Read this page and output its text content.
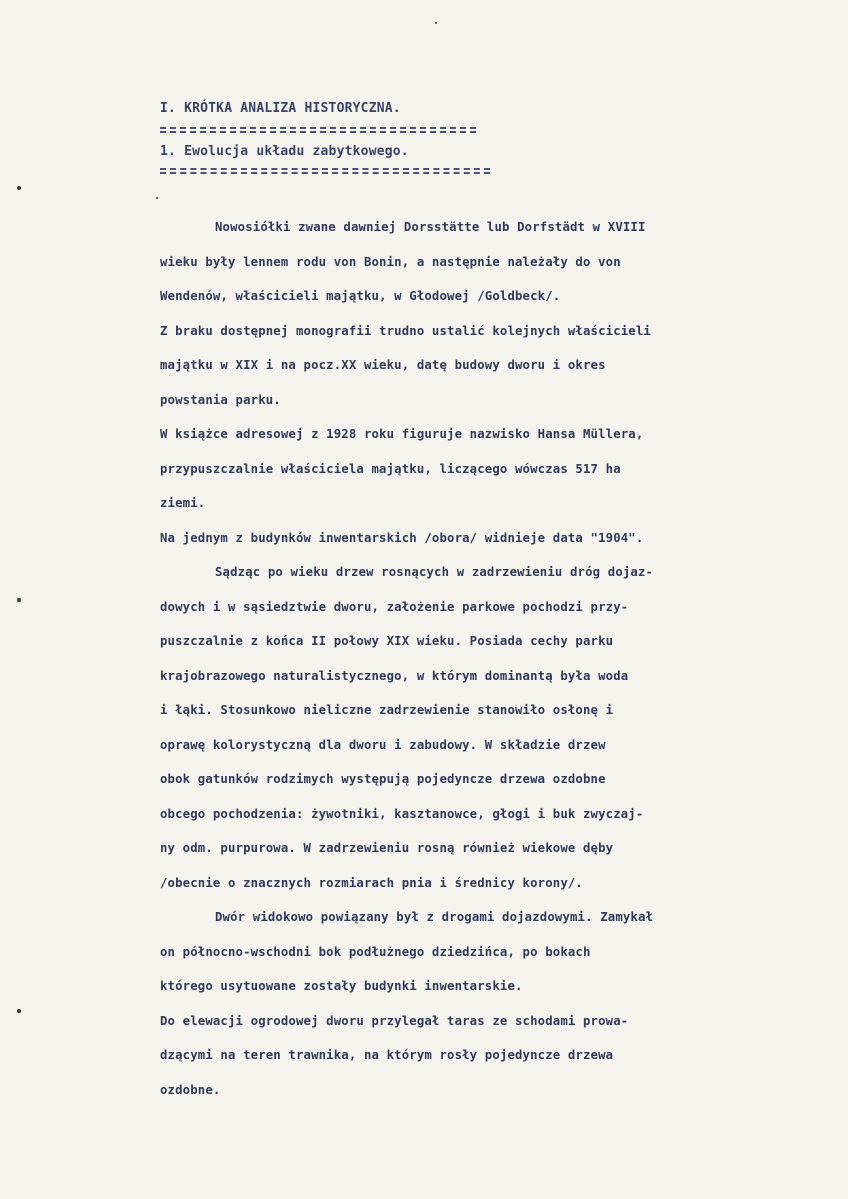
I. KRÓTKA ANALIZA HISTORYCZNA.
1. Ewolucja układu zabytkowego.
Nowosiółki zwane dawniej Dorsstätte lub Dorfstädt w XVIII
wieku były lennem rodu von Bonin, a następnie należały do von
Wendenów, właścicieli majątku, w Głodowej /Goldbeck/.
Z braku dostępnej monografii trudno ustalić kolejnych właścicieli
majątku w XIX i na pocz.XX wieku, datę budowy dworu i okres
powstania parku.
W książce adresowej z 1928 roku figuruje nazwisko Hansa Müllera,
przypuszczalnie właściciela majątku, liczącego wówczas 517 ha
ziemi.
Na jednym z budynków inwentarskich /obora/ widnieje data "1904".
Sądząc po wieku drzew rosnących w zadrzewieniu dróg dojaz-
dowych i w sąsiedztwie dworu, założenie parkowe pochodzi przy-
puszczalnie z końca II połowy XIX wieku. Posiada cechy parku
krajobrazowego naturalistycznego, w którym dominantą była woda
i łąki. Stosunkowo nieliczne zadrzewienie stanowiło osłonę i
oprawę kolorystyczną dla dworu i zabudowy. W składzie drzew
obok gatunków rodzimych występują pojedyncze drzewa ozdobne
obcego pochodzenia: żywotniki, kasztanowce, głogi i buk zwyczaj-
ny odm. purpurowa. W zadrzewieniu rosną również wiekowe dęby
/obecnie o znacznych rozmiarach pnia i średnicy korony/.
Dwór widokowo powiązany był z drogami dojazdowymi. Zamykał
on północno-wschodni bok podłużnego dziedzińca, po bokach
którego usytuowane zostały budynki inwentarskie.
Do elewacji ogrodowej dworu przylegał taras ze schodami prowa-
dzącymi na teren trawnika, na którym rosły pojedyncze drzewa
ozdobne.
